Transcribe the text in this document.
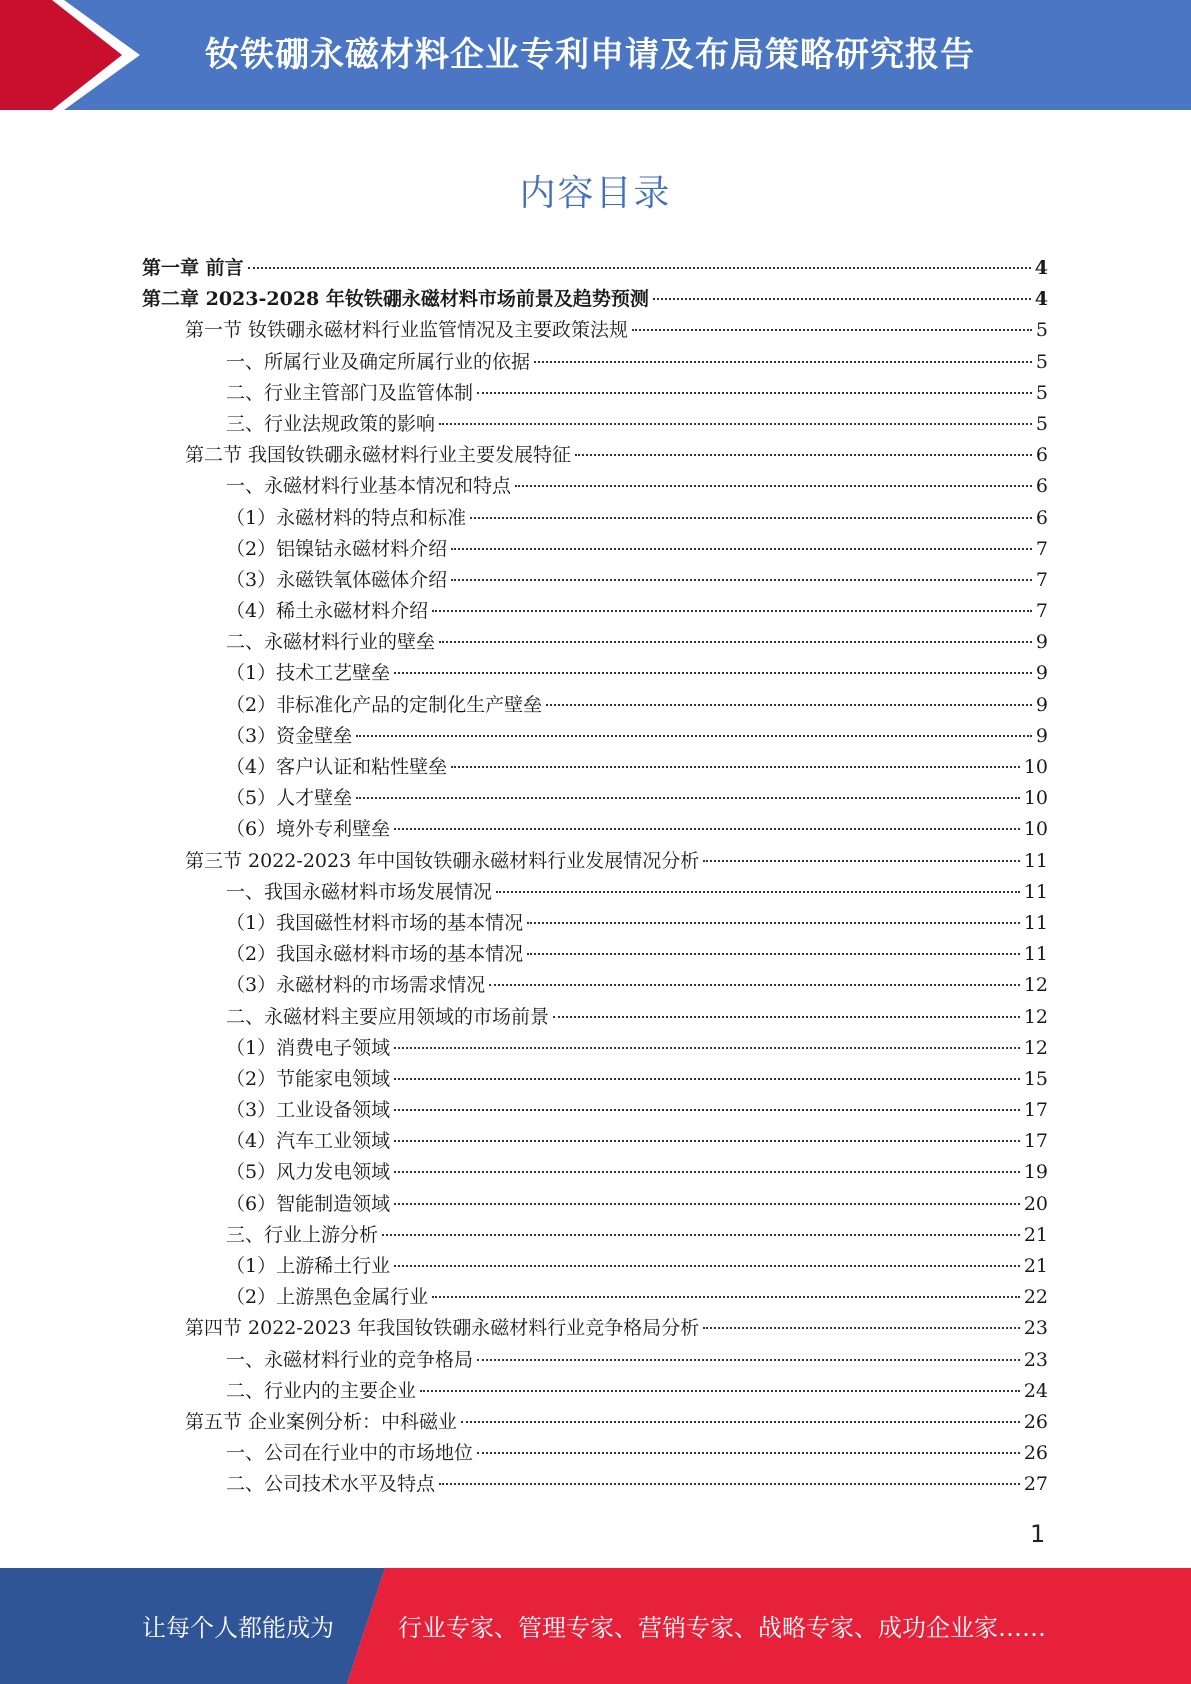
钕铁硼永磁材料企业专利申请及布局策略研究报告
内容目录
第一章 前言	4
第二章 2023-2028 年钕铁硼永磁材料市场前景及趋势预测	4
第一节 钕铁硼永磁材料行业监管情况及主要政策法规	5
一、所属行业及确定所属行业的依据	5
二、行业主管部门及监管体制	5
三、行业法规政策的影响	5
第二节 我国钕铁硼永磁材料行业主要发展特征	6
一、永磁材料行业基本情况和特点	6
（1）永磁材料的特点和标准	6
（2）铝镍钴永磁材料介绍	7
（3）永磁铁氧体磁体介绍	7
（4）稀土永磁材料介绍	7
二、永磁材料行业的壁垒	9
（1）技术工艺壁垒	9
（2）非标准化产品的定制化生产壁垒	9
（3）资金壁垒	9
（4）客户认证和粘性壁垒	10
（5）人才壁垒	10
（6）境外专利壁垒	10
第三节 2022-2023 年中国钕铁硼永磁材料行业发展情况分析	11
一、我国永磁材料市场发展情况	11
（1）我国磁性材料市场的基本情况	11
（2）我国永磁材料市场的基本情况	11
（3）永磁材料的市场需求情况	12
二、永磁材料主要应用领域的市场前景	12
（1）消费电子领域	12
（2）节能家电领域	15
（3）工业设备领域	17
（4）汽车工业领域	17
（5）风力发电领域	19
（6）智能制造领域	20
三、行业上游分析	21
（1）上游稀土行业	21
（2）上游黑色金属行业	22
第四节 2022-2023 年我国钕铁硼永磁材料行业竞争格局分析	23
一、永磁材料行业的竞争格局	23
二、行业内的主要企业	24
第五节 企业案例分析：中科磁业	26
一、公司在行业中的市场地位	26
二、公司技术水平及特点	27
1
让每个人都能成为	行业专家、管理专家、营销专家、战略专家、成功企业家……
